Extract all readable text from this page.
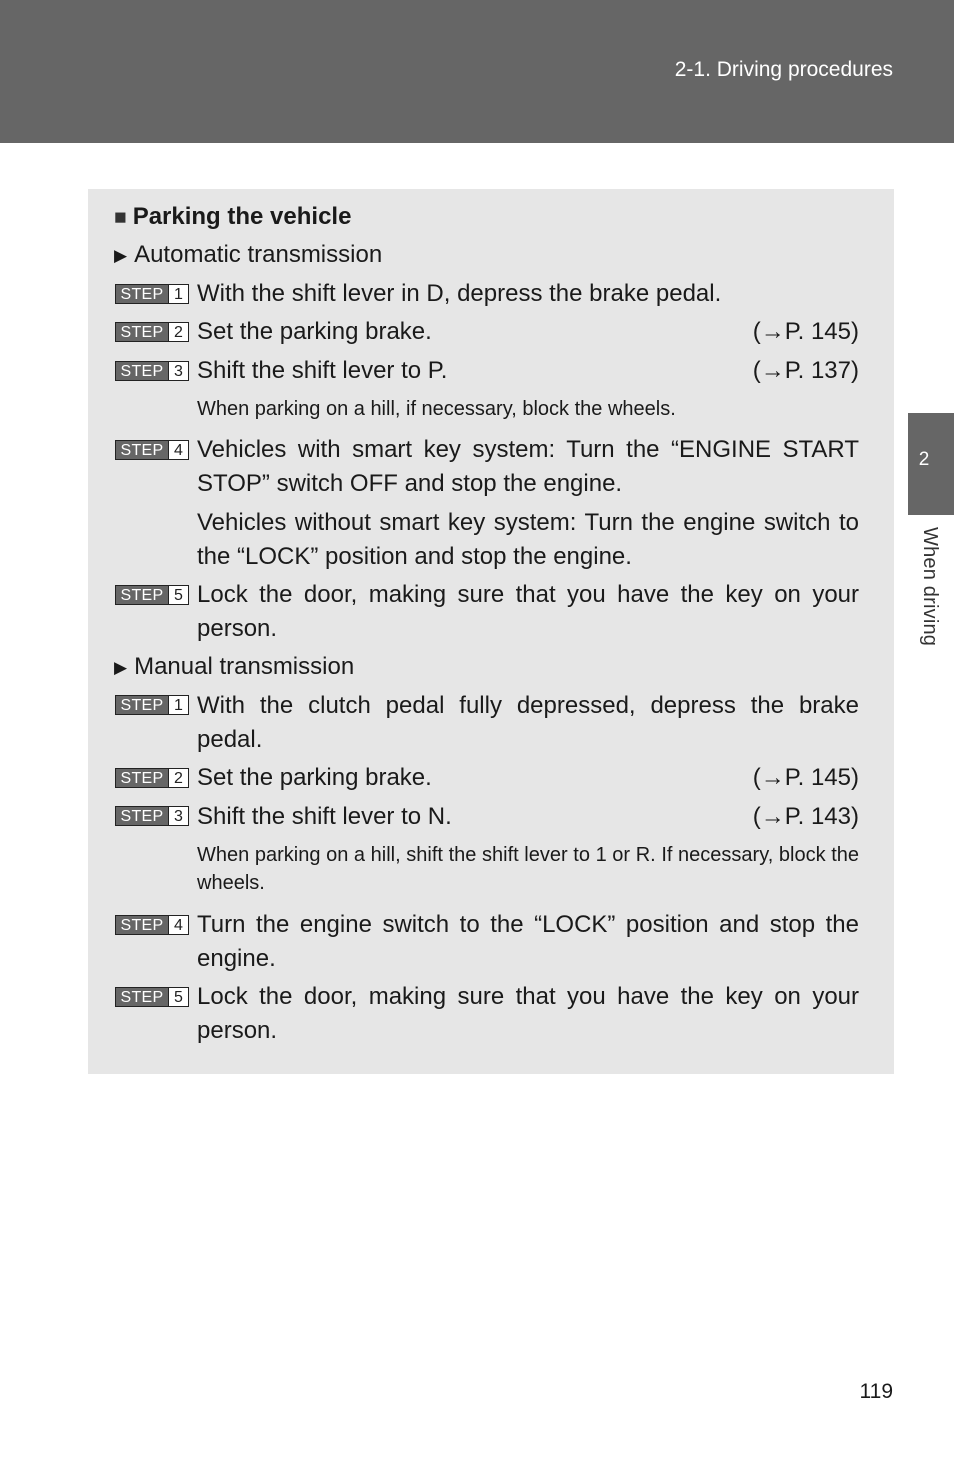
2-1. Driving procedures
2
When driving
■ Parking the vehicle
▶ Automatic transmission
STEP 1 With the shift lever in D, depress the brake pedal.
STEP 2 Set the parking brake.	(→P. 145)
STEP 3 Shift the shift lever to P.	(→P. 137)
When parking on a hill, if necessary, block the wheels.
STEP 4 Vehicles with smart key system: Turn the “ENGINE START STOP” switch OFF and stop the engine.
Vehicles without smart key system: Turn the engine switch to the “LOCK” position and stop the engine.
STEP 5 Lock the door, making sure that you have the key on your person.
▶ Manual transmission
STEP 1 With the clutch pedal fully depressed, depress the brake pedal.
STEP 2 Set the parking brake.	(→P. 145)
STEP 3 Shift the shift lever to N.	(→P. 143)
When parking on a hill, shift the shift lever to 1 or R. If necessary, block the wheels.
STEP 4 Turn the engine switch to the “LOCK” position and stop the engine.
STEP 5 Lock the door, making sure that you have the key on your person.
119
